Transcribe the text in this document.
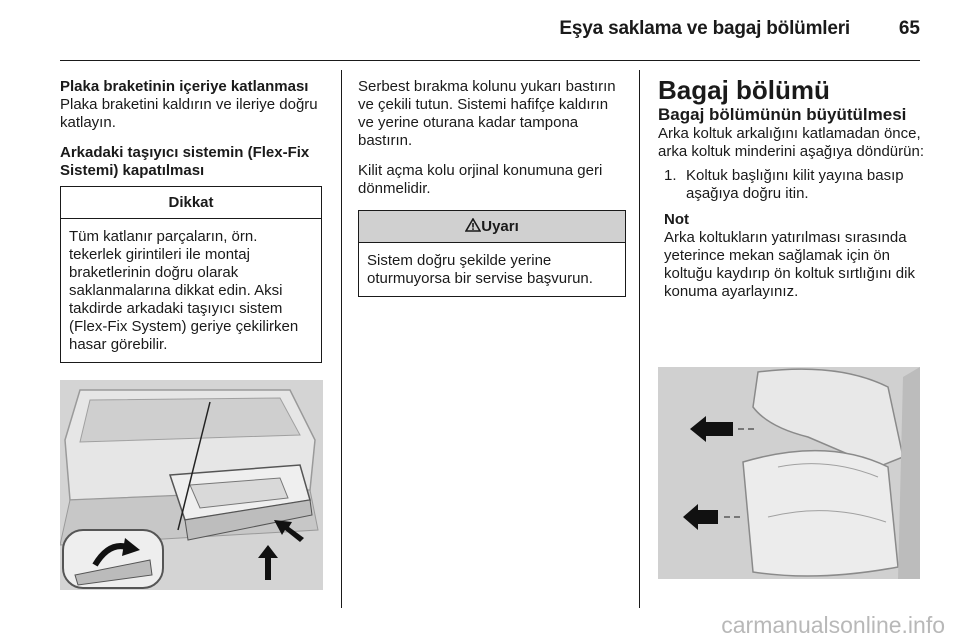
Eşya saklama ve bagaj bölümleri	65

Plaka braketinin içeriye katlanması

Plaka braketini kaldırın ve ileriye doğru katlayın.

Arkadaki taşıyıcı sistemin (Flex-Fix Sistemi) kapatılması

Dikkat
Tüm katlanır parçaların, örn. tekerlek girintileri ile montaj braketlerinin doğru olarak saklanmalarına dikkat edin. Aksi takdirde arkadaki taşıyıcı sistem (Flex-Fix System) geriye çekilirken hasar görebilir.

Serbest bırakma kolunu yukarı bastırın ve çekili tutun. Sistemi hafifçe kaldırın ve yerine oturana kadar tampona bastırın.

Kilit açma kolu orjinal konumuna geri dönmelidir.

Uyarı
Sistem doğru şekilde yerine oturmuyorsa bir servise başvurun.

Bagaj bölümü

Bagaj bölümünün büyütülmesi

Arka koltuk arkalığını katlamadan önce, arka koltuk minderini aşağıya döndürün:

1. Koltuk başlığını kilit yayına basıp aşağıya doğru itin.

Not

Arka koltukların yatırılması sırasında yeterince mekan sağlamak için ön koltuğu kaydırıp ön koltuk sırtlığını dik konuma ayarlayınız.

carmanualsonline.info
